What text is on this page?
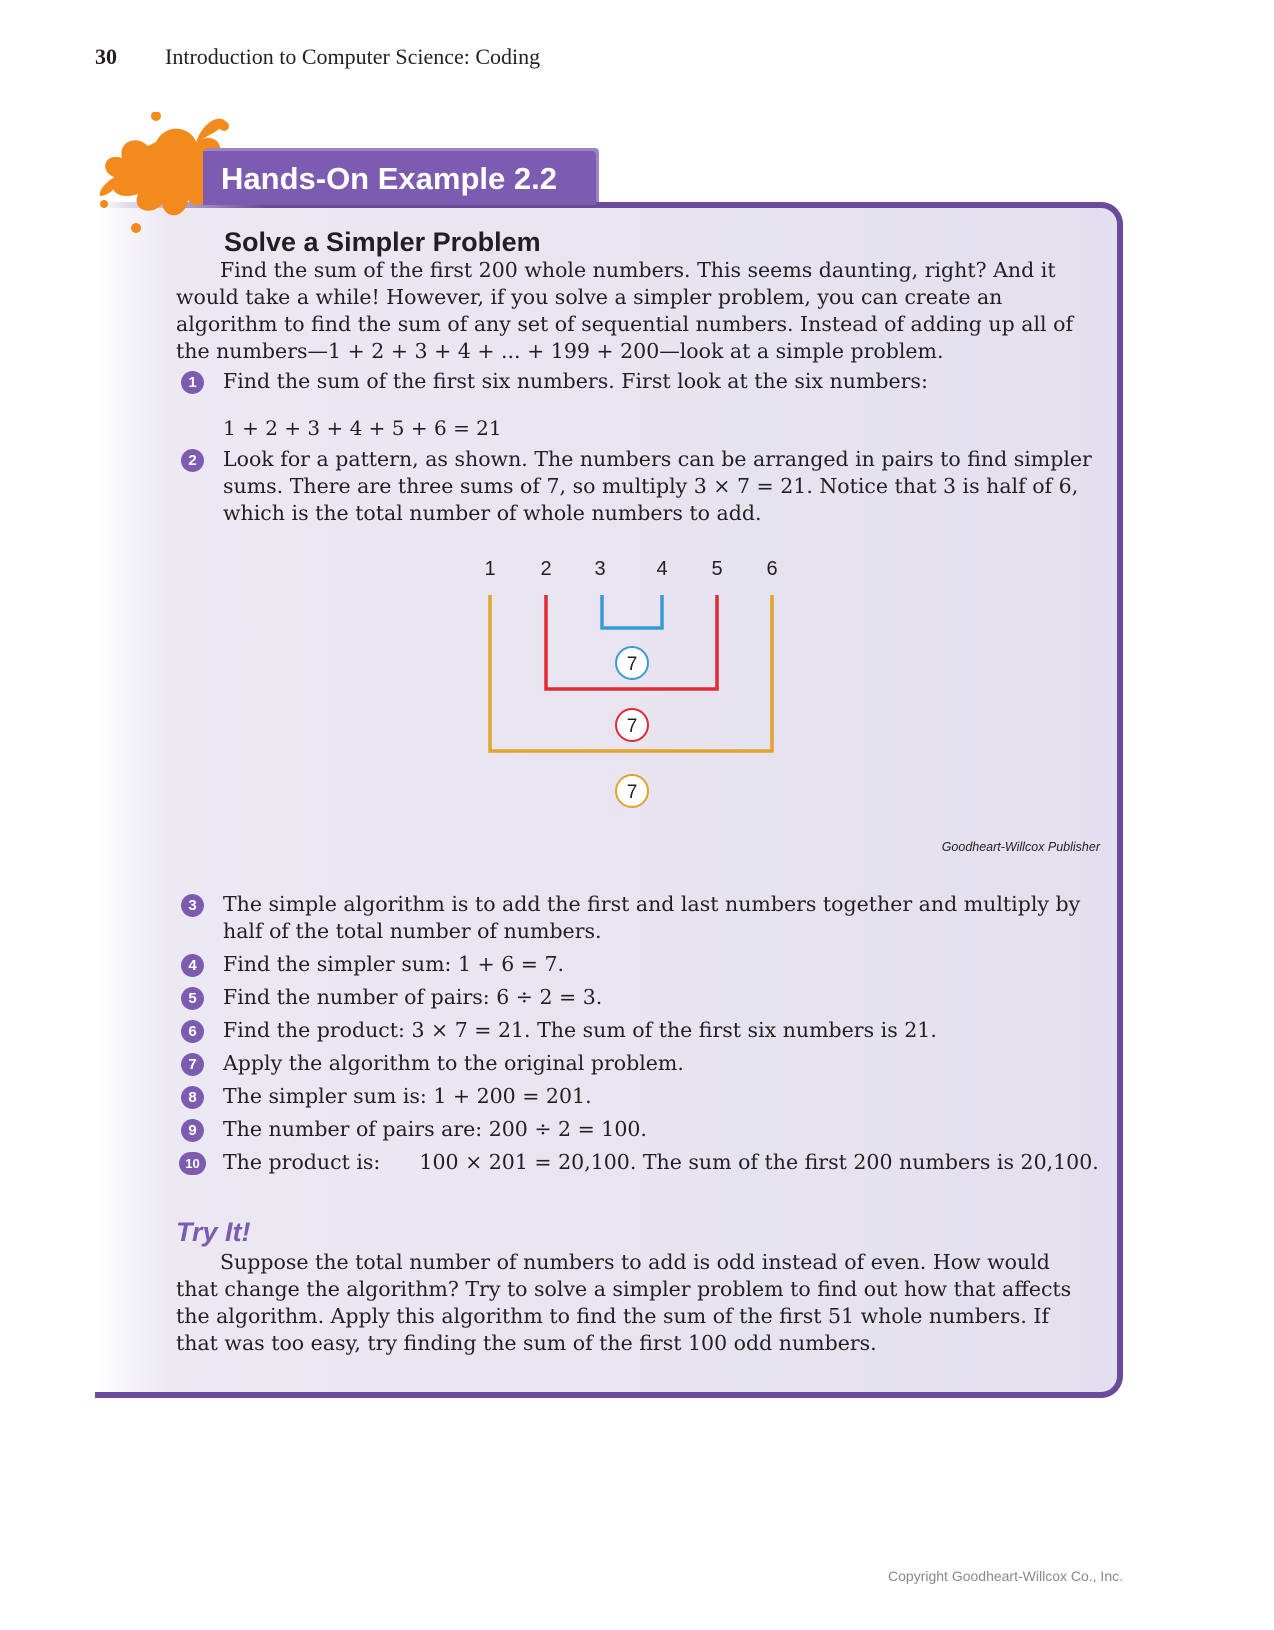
30 Introduction to Computer Science: Coding
Hands-On Example 2.2
Solve a Simpler Problem

Find the sum of the first 200 whole numbers. This seems daunting, right? And it would take a while! However, if you solve a simpler problem, you can create an algorithm to find the sum of any set of sequential numbers. Instead of adding up all of the numbers—1 + 2 + 3 + 4 + ... + 199 + 200—look at a simple problem.

1	Find the sum of the first six numbers. First look at the six numbers:
1 + 2 + 3 + 4 + 5 + 6 = 21
2	Look for a pattern, as shown. The numbers can be arranged in pairs to find simpler sums. There are three sums of 7, so multiply 3 × 7 = 21. Notice that 3 is half of 6, which is the total number of whole numbers to add.
1 2 3	4 5 6
7
7
7
Goodheart-Willcox Publisher
3	The simple algorithm is to add the first and last numbers together and multiply by half of the total number of numbers.
4	Find the simpler sum: 1 + 6 = 7.
5	Find the number of pairs: 6 ÷ 2 = 3.
6	Find the product: 3 × 7 = 21. The sum of the first six numbers is 21.
7	Apply the algorithm to the original problem.
8	The simpler sum is: 1 + 200 = 201.
9	The number of pairs are: 200 ÷ 2 = 100.
10	The product is:      100 × 201 = 20,100. The sum of the first 200 numbers is 20,100.
Try It!

Suppose the total number of numbers to add is odd instead of even. How would that change the algorithm? Try to solve a simpler problem to find out how that affects the algorithm. Apply this algorithm to find the sum of the first 51 whole numbers. If that was too easy, try finding the sum of the first 100 odd numbers.

Copyright Goodheart-Willcox Co., Inc.
